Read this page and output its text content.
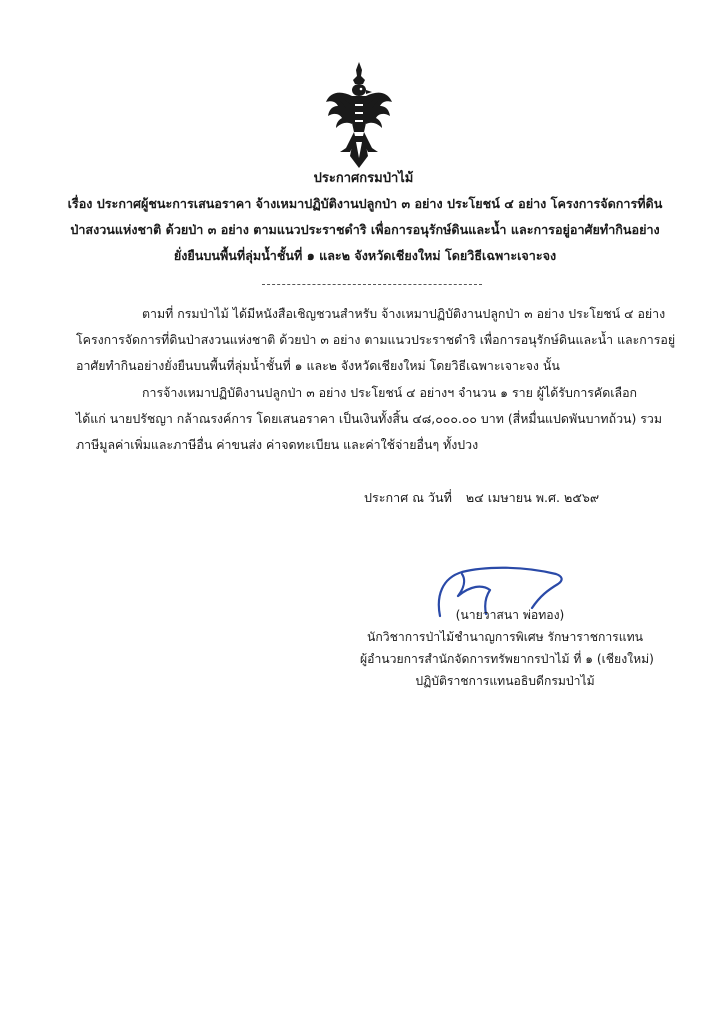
ประกาศกรมป่าไม้

เรื่อง ประกาศผู้ชนะการเสนอราคา จ้างเหมาปฏิบัติงานปลูกป่า ๓ อย่าง ประโยชน์ ๔ อย่าง โครงการจัดการที่ดิน

ป่าสงวนแห่งชาติ ด้วยป่า ๓ อย่าง ตามแนวประราชดำริ เพื่อการอนุรักษ์ดินและน้ำ และการอยู่อาศัยทำกินอย่าง

ยั่งยืนบนพื้นที่ลุ่มน้ำชั้นที่ ๑ และ๒ จังหวัดเชียงใหม่ โดยวิธีเฉพาะเจาะจง

ตามที่ กรมป่าไม้ ได้มีหนังสือเชิญชวนสำหรับ จ้างเหมาปฏิบัติงานปลูกป่า ๓ อย่าง ประโยชน์ ๔ อย่าง

โครงการจัดการที่ดินป่าสงวนแห่งชาติ ด้วยป่า ๓ อย่าง ตามแนวประราชดำริ เพื่อการอนุรักษ์ดินและน้ำ และการอยู่

อาศัยทำกินอย่างยั่งยืนบนพื้นที่ลุ่มน้ำชั้นที่ ๑ และ๒ จังหวัดเชียงใหม่ โดยวิธีเฉพาะเจาะจง นั้น

การจ้างเหมาปฏิบัติงานปลูกป่า ๓ อย่าง ประโยชน์ ๔ อย่างฯ จำนวน ๑ ราย ผู้ได้รับการคัดเลือก

ได้แก่ นายปรัชญา กล้าณรงค์การ โดยเสนอราคา เป็นเงินทั้งสิ้น ๔๘,๐๐๐.๐๐ บาท (สี่หมื่นแปดพันบาทถ้วน) รวม

ภาษีมูลค่าเพิ่มและภาษีอื่น ค่าขนส่ง ค่าจดทะเบียน และค่าใช้จ่ายอื่นๆ ทั้งปวง

ประกาศ ณ วันที่ ๒๔ เมษายน พ.ศ. ๒๕๖๙

(นายวาสนา พ่อทอง)

นักวิชาการป่าไม้ชำนาญการพิเศษ รักษาราชการแทน

ผู้อำนวยการสำนักจัดการทรัพยากรป่าไม้ ที่ ๑ (เชียงใหม่)

ปฏิบัติราชการแทนอธิบดีกรมป่าไม้
